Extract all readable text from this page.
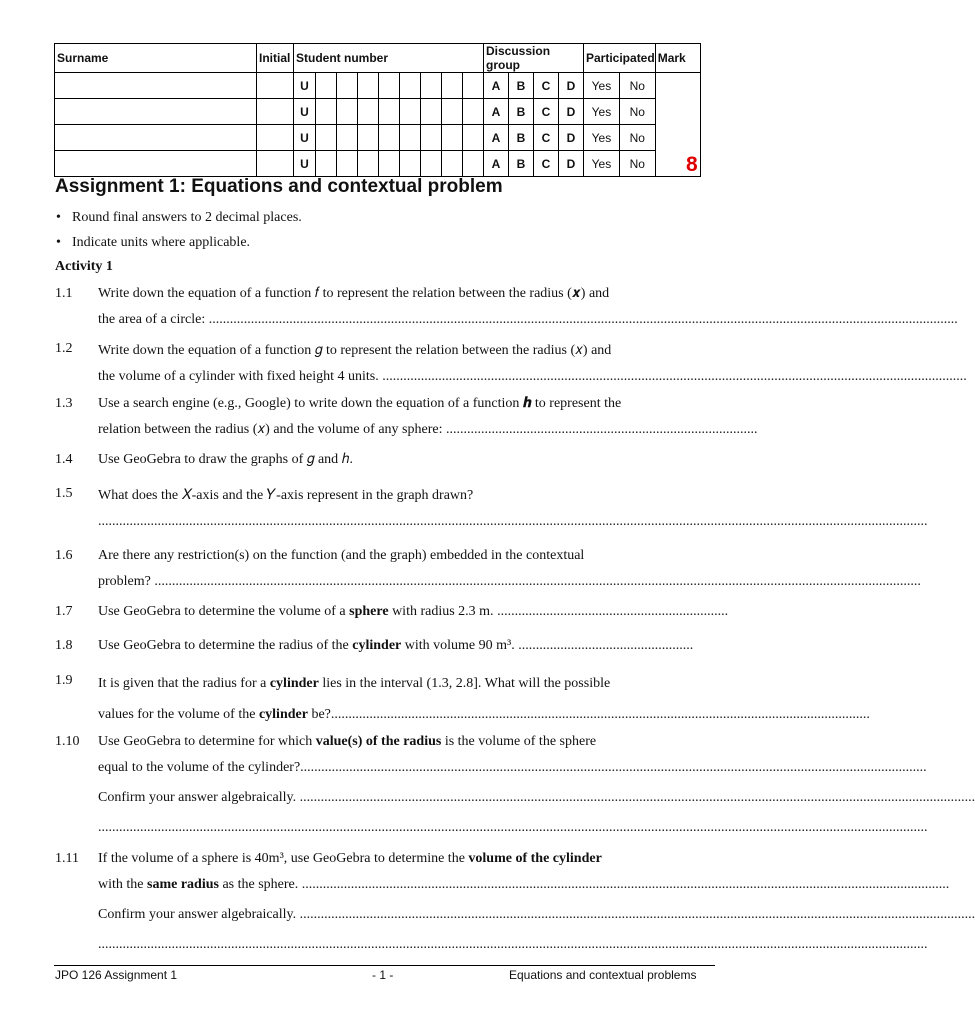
Surname	Initial	Student number									Discussion group				Participated		Mark
		U									A	B	C	D	Yes	No	8
		U									A	B	C	D	Yes	No	
		U									A	B	C	D	Yes	No	
		U									A	B	C	D	Yes	No	
Assignment 1: Equations and contextual problem
• Round final answers to 2 decimal places.
• Indicate units where applicable.
Activity 1
1.1 Write down the equation of a function 𝑓 to represent the relation between the radius (𝒙) and
the area of a circle: ......................................................................................................................................................................................................................
1.2 Write down the equation of a function 𝑔 to represent the relation between the radius (𝑥) and
the volume of a cylinder with fixed height 4 units. .......................................................................................................................................................................
1.3 Use a search engine (e.g., Google) to write down the equation of a function 𝒉 to represent the
relation between the radius (𝑥) and the volume of any sphere: .........................................................................................
1.4 Use GeoGebra to draw the graphs of 𝑔 and ℎ.
1.5 What does the 𝑋-axis and the 𝑌-axis represent in the graph drawn?
.............................................................................................................................................................................................................................................
1.6 Are there any restriction(s) on the function (and the graph) embedded in the contextual
problem? ...........................................................................................................................................................................................................................
1.7 Use GeoGebra to determine the volume of a sphere with radius 2.3 m. ..................................................................
1.8 Use GeoGebra to determine the radius of the cylinder with volume 90 m³. ..................................................
1.9 It is given that the radius for a cylinder lies in the interval (1.3, 2.8]. What will the possible
values for the volume of the cylinder be?..........................................................................................................................................................
1.10 Use GeoGebra to determine for which value(s) of the radius is the volume of the sphere
equal to the volume of the cylinder?...................................................................................................................................................................................
Confirm your answer algebraically. .................................................................................................................................................................................................
.............................................................................................................................................................................................................................................
1.11 If the volume of a sphere is 40m³, use GeoGebra to determine the volume of the cylinder
with the same radius as the sphere. .........................................................................................................................................................................................
Confirm your answer algebraically. .................................................................................................................................................................................................
.............................................................................................................................................................................................................................................
JPO 126 Assignment 1	- 1 -	Equations and contextual problems
